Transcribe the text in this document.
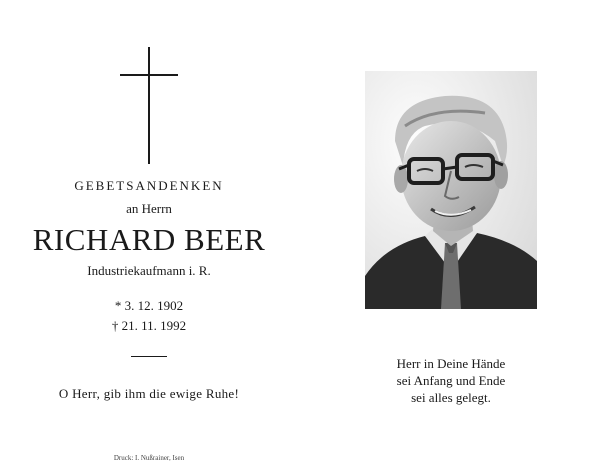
GEBETSANDENKEN
an Herrn
RICHARD BEER
Industriekaufmann i. R.
* 3. 12. 1902
† 21. 11. 1992
O Herr, gib ihm die ewige Ruhe!
Druck: I. Nußrainer, Isen
Herr in Deine Hände
sei Anfang und Ende
sei alles gelegt.
